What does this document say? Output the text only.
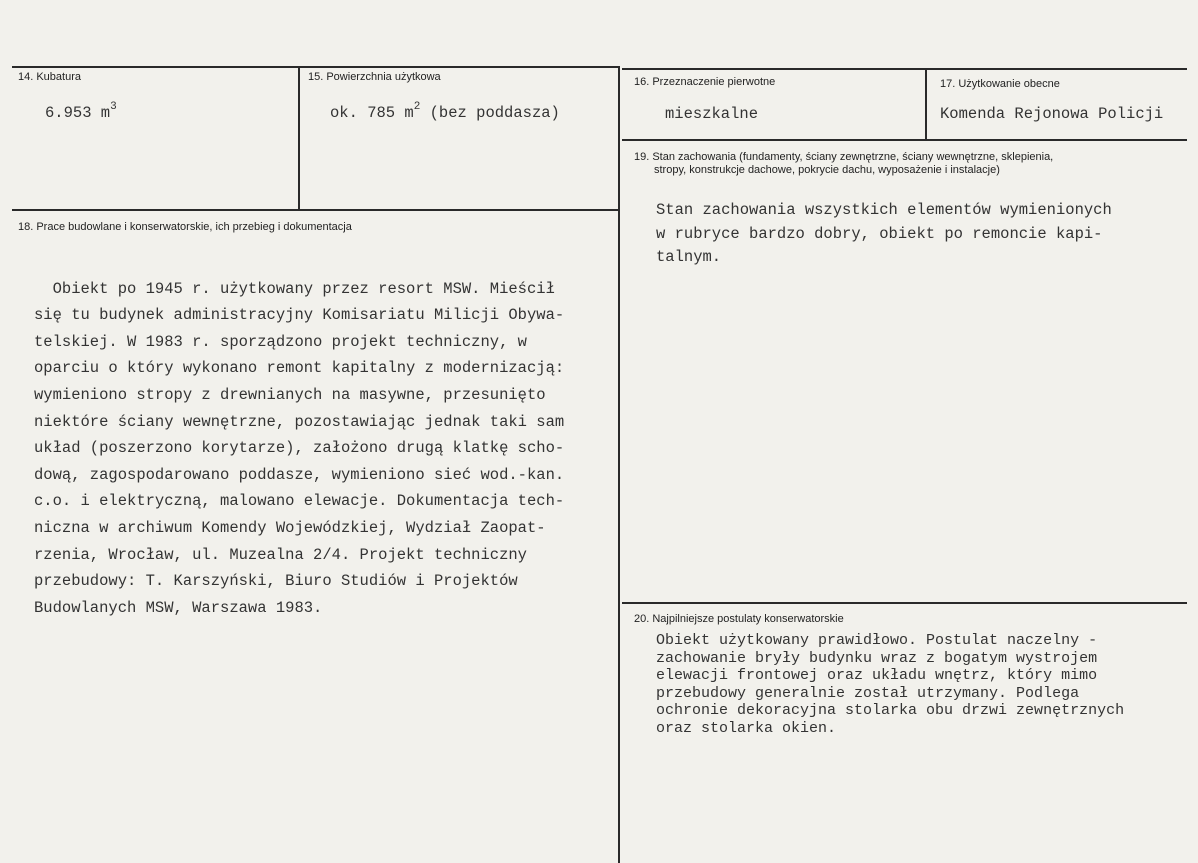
14. Kubatura
6.953 $m^3$
15. Powierzchnia użytkowa
ok. 785 $m^2$ (bez poddasza)
16. Przeznaczenie pierwotne
mieszkalne
17. Użytkowanie obecne
Komenda Rejonowa Policji
18. Prace budowlane i konserwatorskie, ich przebieg i dokumentacja

Obiekt po 1945 r. użytkowany przez resort MSW. Mieścił
się tu budynek administracyjny Komisariatu Milicji Obywa-
telskiej. W 1983 r. sporządzono projekt techniczny, w
oparciu o który wykonano remont kapitalny z modernizacją:
wymieniono stropy z drewnianych na masywne, przesunięto
niektóre ściany wewnętrzne, pozostawiając jednak taki sam
układ (poszerzono korytarze), założono drugą klatkę scho-
dową, zagospodarowano poddasze, wymieniono sieć wod.-kan.
c.o. i elektryczną, malowano elewacje. Dokumentacja tech-
niczna w archiwum Komendy Wojewódzkiej, Wydział Zaopat-
rzenia, Wrocław, ul. Muzealna 2/4. Projekt techniczny
przebudowy: T. Karszyński, Biuro Studiów i Projektów
Budowlanych MSW, Warszawa 1983.

19. Stan zachowania (fundamenty, ściany zewnętrzne, ściany wewnętrzne, sklepienia,
stropy, konstrukcje dachowe, pokrycie dachu, wyposażenie i instalacje)
Stan zachowania wszystkich elementów wymienionych
w rubryce bardzo dobry, obiekt po remoncie kapi-
talnym.
20. Najpilniejsze postulaty konserwatorskie
Obiekt użytkowany prawidłowo. Postulat naczelny -
zachowanie bryły budynku wraz z bogatym wystrojem
elewacji frontowej oraz układu wnętrz, który mimo
przebudowy generalnie został utrzymany. Podlega
ochronie dekoracyjna stolarka obu drzwi zewnętrznych
oraz stolarka okien.
